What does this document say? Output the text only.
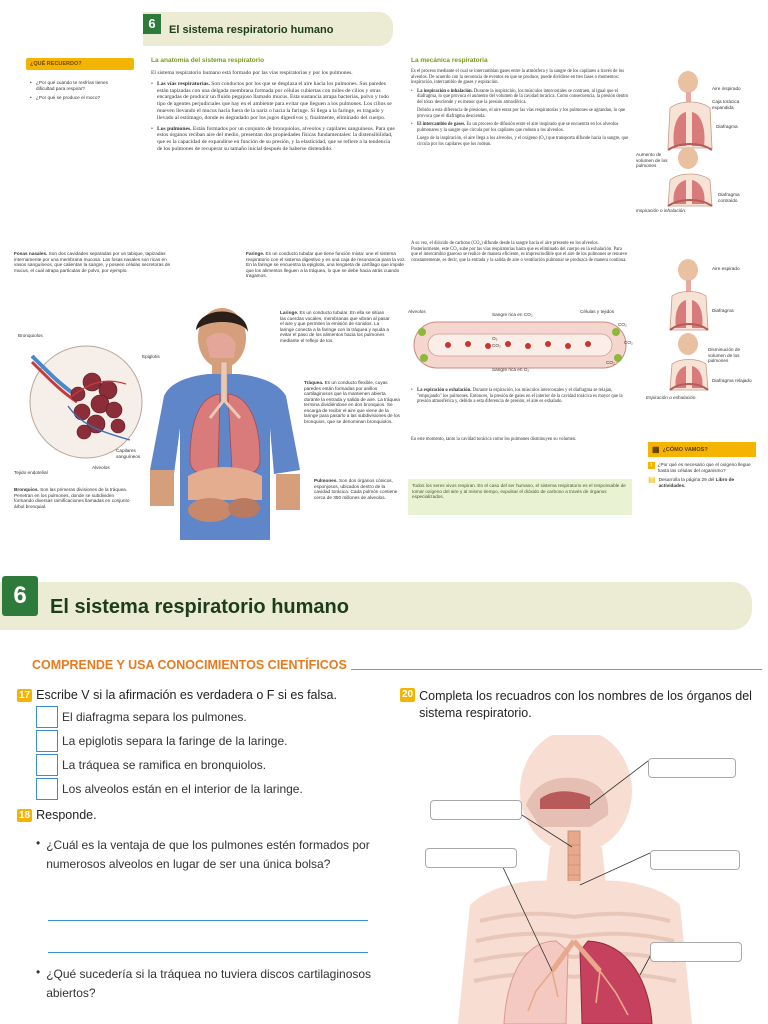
6	El sistema respiratorio humano
¿QUÉ RECUERDO?
• ¿Por qué cuando te resfrías tienes dificultad para respirar?
• ¿Por qué se produce el moco?
La anatomía del sistema respiratorio
El sistema respiratorio humano está formado por las vías respiratorias y por los pulmones.
• Las vías respiratorias. Son conductos por los que se desplaza el aire hacia los pulmones. Sus paredes están tapizadas con una delgada membrana formada por células cubiertas con miles de cilios y otras encargadas de producir un fluido pegajoso llamado mucus. Esta sustancia atrapa bacterias, polvo y todo tipo de agentes perjudiciales que hay en el ambiente para evitar que lleguen a los pulmones. Los cilios se mueven llevando el mucus hacia fuera de la nariz o hacia la faringe. Si llega a la faringe, es tragado y llevado al estómago, donde es degradado por los jugos digestivos y, finalmente, eliminado del cuerpo.
• Los pulmones. Están formados por un conjunto de bronquiolos, alveolos y capilares sanguíneos. Para que estos órganos reciban aire del medio, presentan dos propiedades físicas fundamentales: la distensibilidad, que es la capacidad de expandirse en función de su presión, y la elasticidad, que se refiere a la tendencia de los pulmones de recuperar su tamaño inicial después de haberse distendido.
Fosas nasales. Son dos cavidades separadas por un tabique, tapizadas internamente por una membrana mucosa. Las fosas nasales son ricas en vasos sanguíneos, que calientan la sangre, y poseen células secretoras de mucus, el cual atrapa partículas de polvo, por ejemplo.
Bronquiolos
Epiglotis
Capilares sanguíneos
Alveolos
Tejido endotelial
Bronquios. Son las primeras divisiones de la tráquea. Penetran en los pulmones, donde se subdividen formando diversas ramificaciones llamadas en conjunto árbol bronquial.
Faringe. Es un conducto tubular que tiene función mixta: une el sistema respiratorio con el sistema digestivo y es una caja de resonancia para la voz. En la faringe se encuentra la epiglotis, una lengüeta de cartílago que impide que los alimentos lleguen a la tráquea, lo que se debe hacia atrás cuando tragamos.
Laringe. Es un conducto tubular. En ella se sitúan las cuerdas vocales, membranas que vibran al pasar el aire y que permiten la emisión de sonidos. La laringe conecta a la faringe con la tráquea y ayuda a evitar el paso de los alimentos hacia los pulmones mediante el reflejo de tos.
Tráquea. Es un conducto flexible, cuyas paredes están formadas por anillos cartilaginosos que la mantienen abierta durante la entrada y salida de aire. La tráquea termina dividiéndose en dos bronquios. Se encarga de recibir el aire que viene de la laringe para pasarlo a las subdivisiones de los bronquios, que se denominan bronquiolos.
Pulmones. Son dos órganos cónicos, esponjosos, ubicados dentro de la cavidad torácica. Cada pulmón contiene cerca de 350 millones de alveolos.
La mecánica respiratoria
Es el proceso mediante el cual se intercambian gases entre la atmósfera y la sangre de los capilares a través de los alveolos. De acuerdo con la secuencia de eventos en que se produce, puede dividirse en tres fases o momentos: inspiración, intercambio de gases y espiración.
• La inspiración o inhalación. Durante la inspiración, los músculos intercostales se contraen, al igual que el diafragma, lo que provoca el aumento del volumen de la cavidad torácica. Como consecuencia, la presión dentro del tórax desciende y es menor que la presión atmosférica.
Debido a esta diferencia de presiones, el aire entra por las vías respiratorias y los pulmones se agrandan, lo que provoca que el diafragma descienda.
• El intercambio de gases. Es un proceso de difusión entre el aire inspirado que se encuentra en los alveolos pulmonares y la sangre que circula por los capilares que rodean a los alveolos.
Luego de la inspiración, el aire llega a los alveolos, y el oxígeno (O₂) que transporta difunde hacia la sangre, que circula por los capilares que los rodean.
A su vez, el dióxido de carbono (CO₂) difunde desde la sangre hacia el aire presente en los alveolos. Posteriormente, este CO₂ sube por las vías respiratorias hasta que es eliminado del cuerpo en la exhalación. Para que el intercambio gaseoso se realice de manera eficiente, es imprescindible que el aire de los pulmones se renueve constantemente, es decir, que la entrada y la salida de aire o ventilación pulmonar se produzca de manera continua.
Alveolos
Sangre rica en CO₂
Células y tejidos
O₂
CO₂
CO₂
CO₂
CO₂
Sangre rica en O₂
• La espiración o exhalación. Durante la espiración, los músculos intercostales y el diafragma se relajan, "empujando" los pulmones. Entonces, la presión de gases en el interior de la cavidad torácica es mayor que la presión atmosférica y, debido a esta diferencia de presión, el aire es exhalado.
En este momento, tanto la cavidad torácica como los pulmones disminuyen su volumen.
Todos los seres vivos respiran. En el caso del ser humano, el sistema respiratorio es el responsable de tomar oxígeno del aire y al mismo tiempo, expulsar el dióxido de carbono a través de órganos especializados.
Aire inspirado
Caja torácica expandida
Diafragma
Aumento de volumen de los pulmones
Diafragma contraído
Inspiración o inhalación.
Aire espirado
Diafragma
Disminución de volumen de los pulmones
Diafragma relajado
Espiración o exhalación.
▦ ¿CÓMO VAMOS?
1	¿Por qué es necesario que el oxígeno llegue hasta las células del organismo?
▤ Desarrolla la página 29 del Libro de actividades.
6	El sistema respiratorio humano
COMPRENDE Y USA CONOCIMIENTOS CIENTÍFICOS
17 Escribe V si la afirmación es verdadera o F si es falsa.
El diafragma separa los pulmones.
La epiglotis separa la faringe de la laringe.
La tráquea se ramifica en bronquiolos.
Los alveolos están en el interior de la laringe.
18 Responde.
• ¿Cuál es la ventaja de que los pulmones estén formados por numerosos alveolos en lugar de ser una única bolsa?
• ¿Qué sucedería si la tráquea no tuviera discos cartilaginosos abiertos?
20 Completa los recuadros con los nombres de los órganos del sistema respiratorio.
